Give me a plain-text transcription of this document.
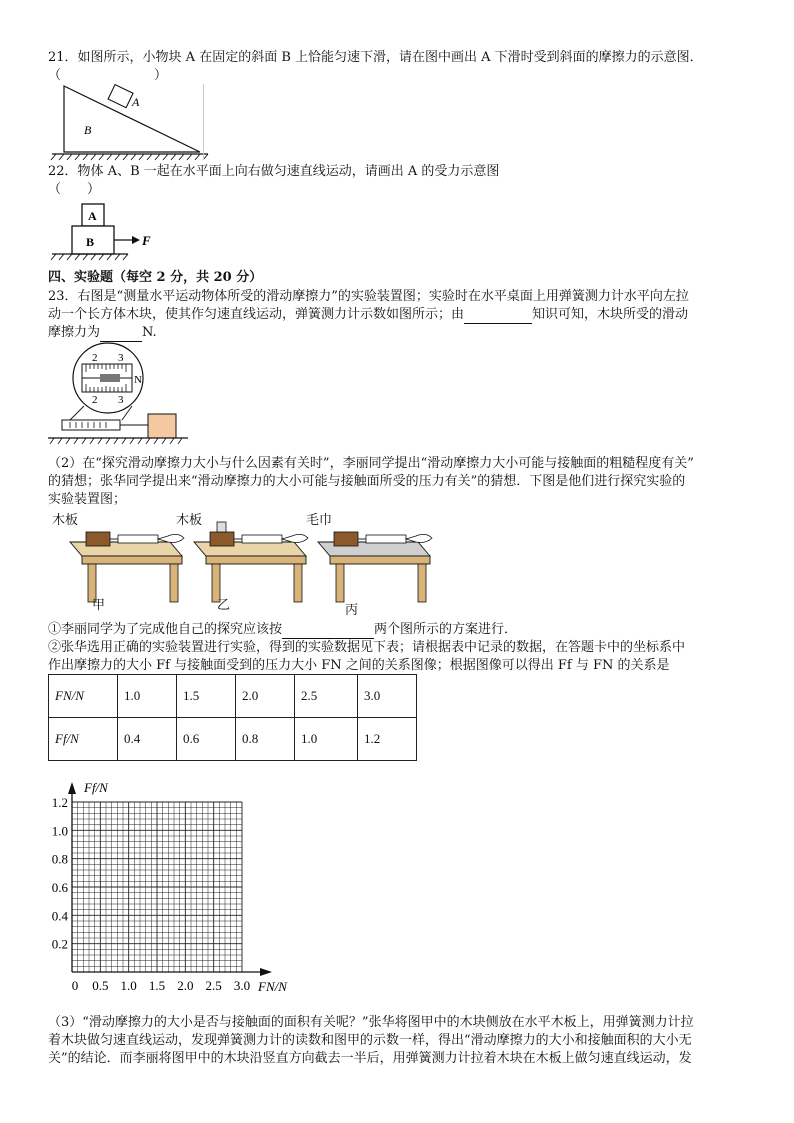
21．如图所示，小物块 A 在固定的斜面 B 上恰能匀速下滑，请在图中画出 A 下滑时受到斜面的摩擦力的示意图．
（	）
A
B
22．物体 A、B 一起在水平面上向右做匀速直线运动，请画出 A 的受力示意图
（　　）
A
B	F
四、实验题（每空 2 分，共 20 分）
23．右图是“测量水平运动物体所受的滑动摩擦力”的实验装置图；实验时在水平桌面上用弹簧测力计水平向左拉
动一个长方体木块，使其作匀速直线运动，弹簧测力计示数如图所示；由	知识可知，木块所受的滑动
摩擦力为	N.
2 3
2 3
N
（2）在“探究滑动摩擦力大小与什么因素有关时”，李丽同学提出“滑动摩擦力大小可能与接触面的粗糙程度有关”
的猜想；张华同学提出来“滑动摩擦力的大小可能与接触面所受的压力有关”的猜想．下图是他们进行探究实验的
实验装置图；
木板	木板	毛巾
甲	乙	丙
①李丽同学为了完成他自己的探究应该按	两个图所示的方案进行．
②张华选用正确的实验装置进行实验，得到的实验数据见下表；请根据表中记录的数据，在答题卡中的坐标系中
作出摩擦力的大小 Ff 与接触面受到的压力大小 FN 之间的关系图像；根据图像可以得出 Ff 与 FN 的关系是
FN/N	1.0	1.5	2.0	2.5	3.0
Ff/N	0.4	0.6	0.8	1.0	1.2
Ff/N
FN/N
1.2
1.0
0.8
0.6
0.4
0.2
0 0.5 1.0 1.5 2.0 2.5 3.0
（3）“滑动摩擦力的大小是否与接触面的面积有关呢？”张华将图甲中的木块侧放在水平木板上，用弹簧测力计拉
着木块做匀速直线运动，发现弹簧测力计的读数和图甲的示数一样，得出“滑动摩擦力的大小和接触面积的大小无
关”的结论．而李丽将图甲中的木块沿竖直方向截去一半后，用弹簧测力计拉着木块在木板上做匀速直线运动，发
